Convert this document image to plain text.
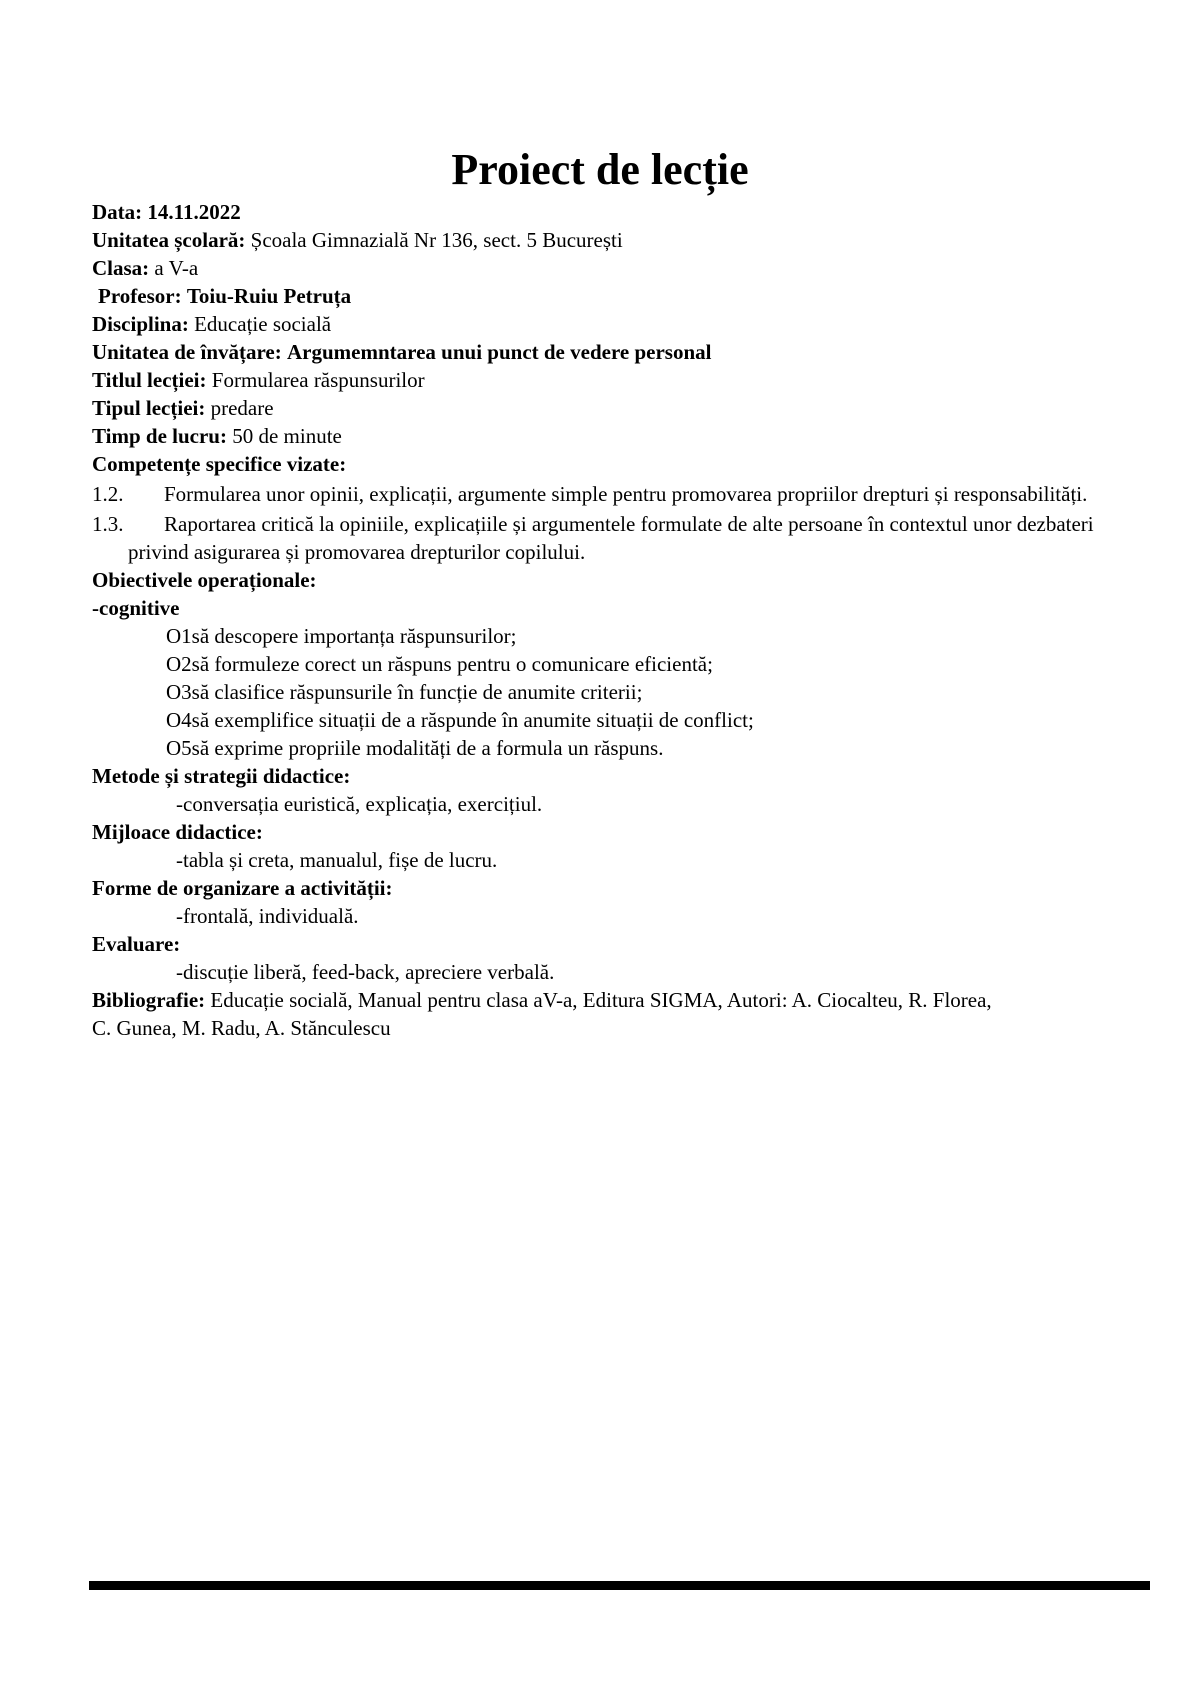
Proiect de lecție
Data: 14.11.2022
Unitatea școlară: Școala Gimnazială Nr 136, sect. 5 București
Clasa: a V-a
Profesor: Toiu-Ruiu Petruța
Disciplina: Educație socială
Unitatea de învățare: Argumemntarea unui punct de vedere personal
Titlul lecției: Formularea răspunsurilor
Tipul lecției: predare
Timp de lucru: 50 de minute
Competențe specifice vizate:
1.2. Formularea unor opinii, explicații, argumente simple pentru promovarea propriilor drepturi și responsabilități.
1.3. Raportarea critică la opiniile, explicațiile și argumentele formulate de alte persoane în contextul unor dezbateri privind asigurarea și promovarea drepturilor copilului.
Obiectivele operaționale:
-cognitive
O1să descopere importanța răspunsurilor;
O2să formuleze corect un răspuns pentru o comunicare eficientă;
O3să clasifice răspunsurile în funcție de anumite criterii;
O4să exemplifice situații de a răspunde în anumite situații de conflict;
O5să exprime propriile modalități de a formula un răspuns.
Metode și strategii didactice:
-conversația euristică, explicația, exercițiul.
Mijloace didactice:
-tabla și creta, manualul, fișe de lucru.
Forme de organizare a activității:
-frontală, individuală.
Evaluare:
-discuție liberă, feed-back, apreciere verbală.
Bibliografie: Educație socială, Manual pentru clasa aV-a, Editura SIGMA, Autori: A. Ciocalteu, R. Florea,
C. Gunea, M. Radu, A. Stănculescu
